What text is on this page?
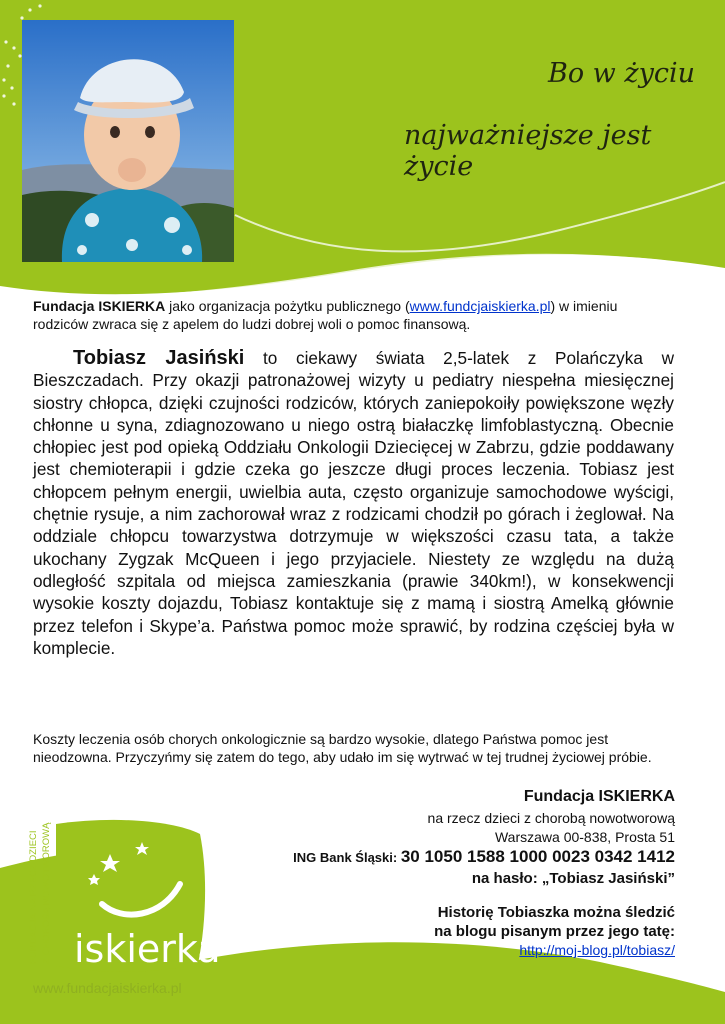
Bo w życiu
najważniejsze jest życie
Fundacja ISKIERKA jako organizacja pożytku publicznego (www.fundcjaiskierka.pl) w imieniu rodziców zwraca się z apelem do ludzi dobrej woli o pomoc finansową.
Tobiasz Jasiński to ciekawy świata 2,5-latek z Polańczyka w Bieszczadach. Przy okazji patronażowej wizyty u pediatry niespełna miesięcznej siostry chłopca, dzięki czujności rodziców, których zaniepokoiły powiększone węzły chłonne u syna, zdiagnozowano u niego ostrą białaczkę limfoblastyczną. Obecnie chłopiec jest pod opieką Oddziału Onkologii Dziecięcej w Zabrzu, gdzie poddawany jest chemioterapii i gdzie czeka go jeszcze długi proces leczenia. Tobiasz jest chłopcem pełnym energii, uwielbia auta, często organizuje samochodowe wyścigi, chętnie rysuje, a nim zachorował wraz z rodzicami chodził po górach i żeglował. Na oddziale chłopcu towarzystwa dotrzymuje w większości czasu tata, a także ukochany Zygzak McQueen i jego przyjaciele. Niestety ze względu na dużą odległość szpitala od miejsca zamieszkania (prawie 340km!), w konsekwencji wysokie koszty dojazdu, Tobiasz kontaktuje się z mamą i siostrą Amelką głównie przez telefon i Skype’a. Państwa pomoc może sprawić, by rodzina częściej była w komplecie.
Koszty leczenia osób chorych onkologicznie są bardzo wysokie, dlatego Państwa pomoc jest nieodzowna. Przyczyńmy się zatem do tego, aby udało im się wytrwać w tej trudnej życiowej próbie.
Fundacja ISKIERKA
na rzecz dzieci z chorobą nowotworową
Warszawa 00-838, Prosta 51
ING Bank Śląski: 30 1050 1588 1000 0023 0342 1412
na hasło: „Tobiasz Jasiński”
Historię Tobiaszka można śledzić
na blogu pisanym przez jego tatę:
http://moj-blog.pl/tobiasz/
FUNDACJA NA RZECZ DZIECI Z CHOROBĄ NOWOTWOROWĄ iskierka
www.fundacjaiskierka.pl
